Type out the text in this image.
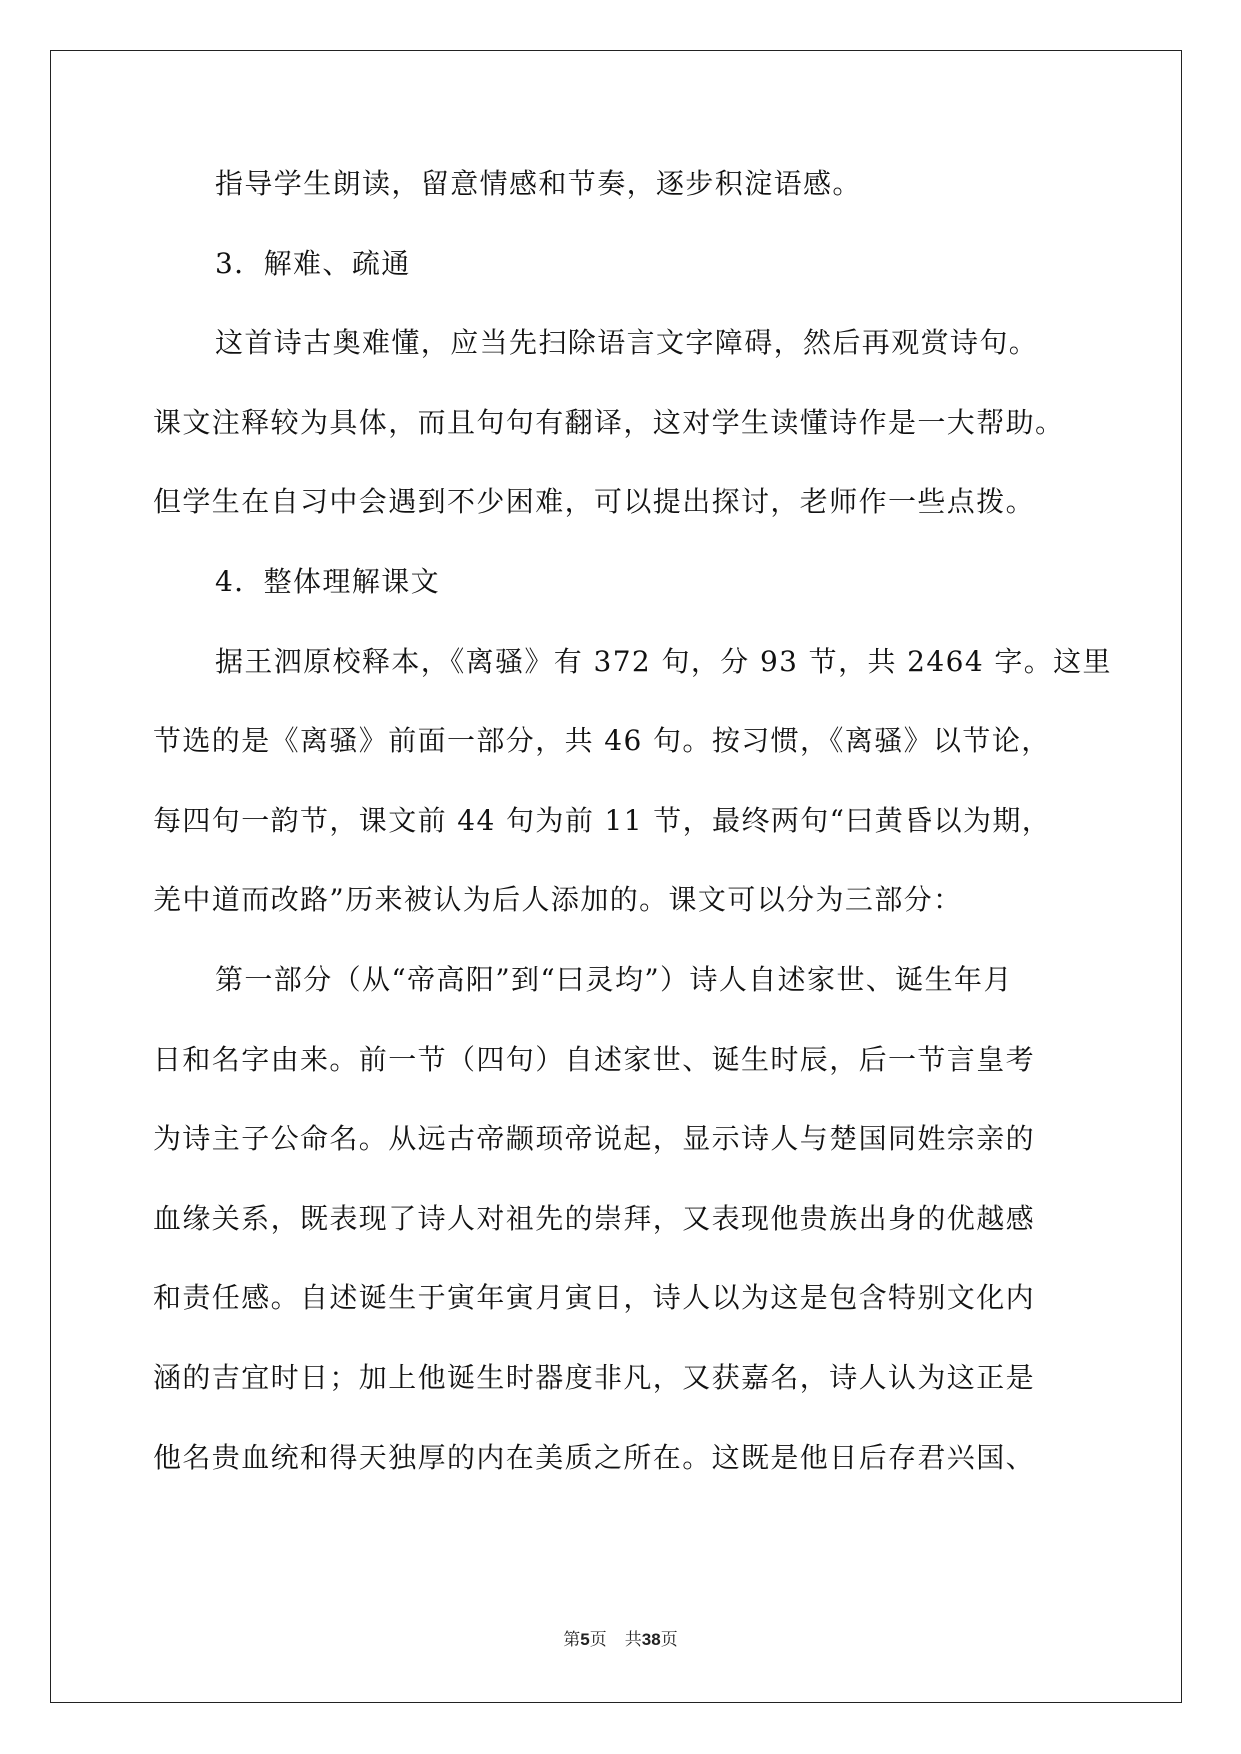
指导学生朗读，留意情感和节奏，逐步积淀语感。
3．解难、疏通
这首诗古奥难懂，应当先扫除语言文字障碍，然后再观赏诗句。
课文注释较为具体，而且句句有翻译，这对学生读懂诗作是一大帮助。
但学生在自习中会遇到不少困难，可以提出探讨，老师作一些点拨。
4．整体理解课文
据王泗原校释本，《离骚》有 372 句，分 93 节，共 2464 字。这里
节选的是《离骚》前面一部分，共 46 句。按习惯，《离骚》以节论，
每四句一韵节，课文前 44 句为前 11 节，最终两句“曰黄昏以为期，
羌中道而改路”历来被认为后人添加的。课文可以分为三部分：
第一部分（从“帝高阳”到“曰灵均”）诗人自述家世、诞生年月
日和名字由来。前一节（四句）自述家世、诞生时辰，后一节言皇考
为诗主子公命名。从远古帝颛顼帝说起，显示诗人与楚国同姓宗亲的
血缘关系，既表现了诗人对祖先的崇拜，又表现他贵族出身的优越感
和责任感。自述诞生于寅年寅月寅日，诗人以为这是包含特别文化内
涵的吉宜时日；加上他诞生时器度非凡，又获嘉名，诗人认为这正是
他名贵血统和得天独厚的内在美质之所在。这既是他日后存君兴国、
第5页 共38页
